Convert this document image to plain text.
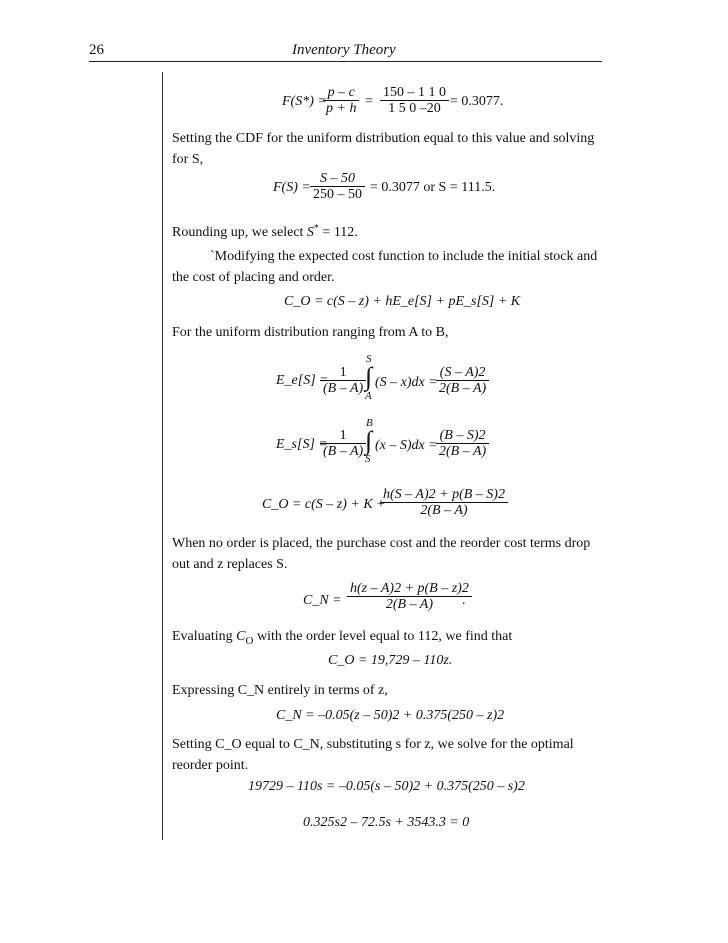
26	Inventory Theory
F(S*) =
$\frac{p - c}{p + h} = \frac{150 - 1 1 0}{1 5 0 -20} = 0.3077$.
Setting the CDF for the uniform distribution equal to this value and solving for S,
$F(S) = \frac{S - 50}{250 - 50} = 0.3077$ or S = 111.5.
Rounding up, we select S* = 112.
`Modifying the expected cost function to include the initial stock and the cost of placing and order.
C_O = c(S – z) + hE_e[S] + pE_s[S] + K
For the uniform distribution ranging from A to B,
E_e[S] =
$\frac{1}{(B - A)}$
S
∫
A
(S – x)dx =
$\frac{(S - A)2}{2(B - A)}$
E_s[S] =
$\frac{1}{(B - A)}$
B
∫
S
(x – S)dx =
$\frac{(B - S)2}{2(B - A)}$
C_O = c(S – z) + K +
$\frac{h(S - A)2 + p(B - S)2}{2(B - A)}$
When no order is placed, the purchase cost and the reorder cost terms drop out and z replaces S.
C_N = $\frac{h(z - A)2 + p(B - z)2}{2(B - A)}$
.
Evaluating $C_O$ with the order level equal to 112, we find that
C_O = 19,729 – 110z.
Expressing C_N entirely in terms of z,
C_N = –0.05(z – 50)2 + 0.375(250 – z)2
Setting C_O equal to C_N, substituting s for z, we solve for the optimal reorder point.
19729 – 110s = –0.05(s – 50)2 + 0.375(250 – s)2
0.325s2 – 72.5s + 3543.3 = 0
